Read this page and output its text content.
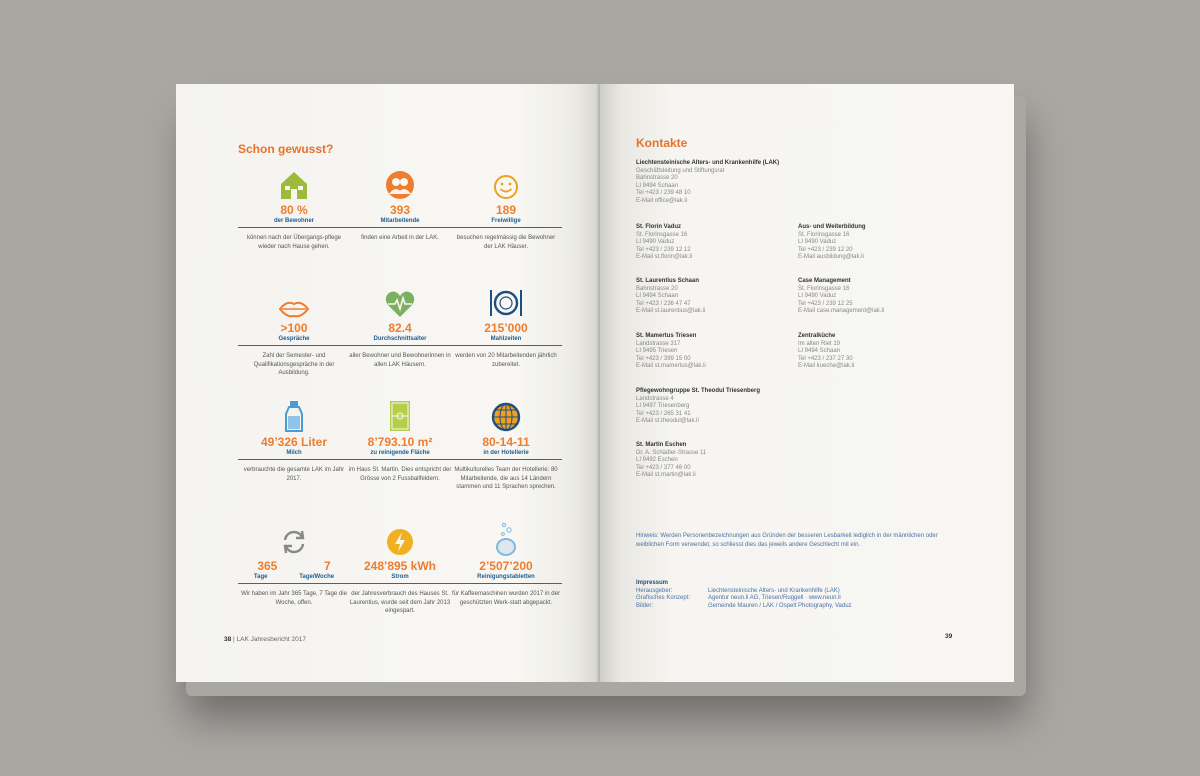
Schon gewusst?
80 %
der Bewohner
können nach der Übergangs-pflege wieder nach Hause gehen.
393
Mitarbeitende
finden eine Arbeit in der LAK.
189
Freiwillige
besuchen regelmässig die Bewohner der LAK Häuser.
>100
Gespräche
Zahl der Semester- und Qualifikationsgespräche in der Ausbildung.
82.4
Durchschnittsalter
aller Bewohner und Bewohnerinnen in allen LAK Häusern.
215’000
Mahlzeiten
werden von 20 Mitarbeitenden jährlich zubereitet.
49’326 Liter
Milch
verbrauchte die gesamte LAK im Jahr 2017.
8’793.10 m²
zu reinigende Fläche
im Haus St. Martin. Dies entspricht der Grösse von 2 Fussballfeldern.
80-14-11
in der Hotellerie
Multikulturelles Team der Hotellerie: 80 Mitarbeitende, die aus 14 Ländern stammen und 11 Sprachen sprechen.
365	7
Tage	Tage/Woche
Wir haben im Jahr 365 Tage, 7 Tage die Woche, offen.
248’895 kWh
Strom
der Jahresverbrauch des Hauses St. Laurentius, wurde seit dem Jahr 2013 eingespart.
2’507’200
Reinigungstabletten
für Kaffeemaschinen wurden 2017 in der geschützten Werk-statt abgepackt.
38 | LAK Jahresbericht 2017
Kontakte
Liechtensteinische Alters- und Krankenhilfe (LAK)
Geschäftsleitung und Stiftungsrat
Bahnstrasse 20
LI 9494 Schaan
Tel +423 / 239 48 10
E-Mail office@lak.li
St. Florin Vaduz
St. Florinsgasse 16
LI 9490 Vaduz
Tel +423 / 239 12 12
E-Mail st.florin@lak.li
St. Laurentius Schaan
Bahnstrasse 20
LI 9494 Schaan
Tel +423 / 236 47 47
E-Mail st.laurentius@lak.li
St. Mamertus Triesen
Landstrasse 317
LI 9495 Triesen
Tel +423 / 399 15 00
E-Mail st.mamertus@lak.li
Pflegewohngruppe St. Theodul Triesenberg
Landstrasse 4
LI 9497 Triesenberg
Tel +423 / 265 31 41
E-Mail st.theodul@lak.li
St. Martin Eschen
Dr. A. Schädler-Strasse 11
LI 9492 Eschen
Tel +423 / 377 46 00
E-Mail st.martin@lak.li
Aus- und Weiterbildung
St. Florinsgasse 16
LI 9490 Vaduz
Tel +423 / 239 12 20
E-Mail ausbildung@lak.li
Case Management
St. Florinsgasse 16
LI 9490 Vaduz
Tel +423 / 239 12 25
E-Mail case.management@lak.li
Zentralküche
Im alten Riet 19
LI 9494 Schaan
Tel +423 / 237 27 30
E-Mail kueche@lak.li
Hinweis: Werden Personenbezeichnungen aus Gründen der besseren Lesbarkeit lediglich in der männlichen oder weiblichen Form verwendet, so schliesst dies das jeweils andere Geschlecht mit ein.
Impressum
Herausgeber:	Liechtensteinische Alters- und Krankenhilfe (LAK)
Grafisches Konzept:	Agentur neun.li AG, Triesen/Ruggell · www.neun.li
Bilder:	Gemeinde Mauren / LAK / Ospelt Photography, Vaduz
39
